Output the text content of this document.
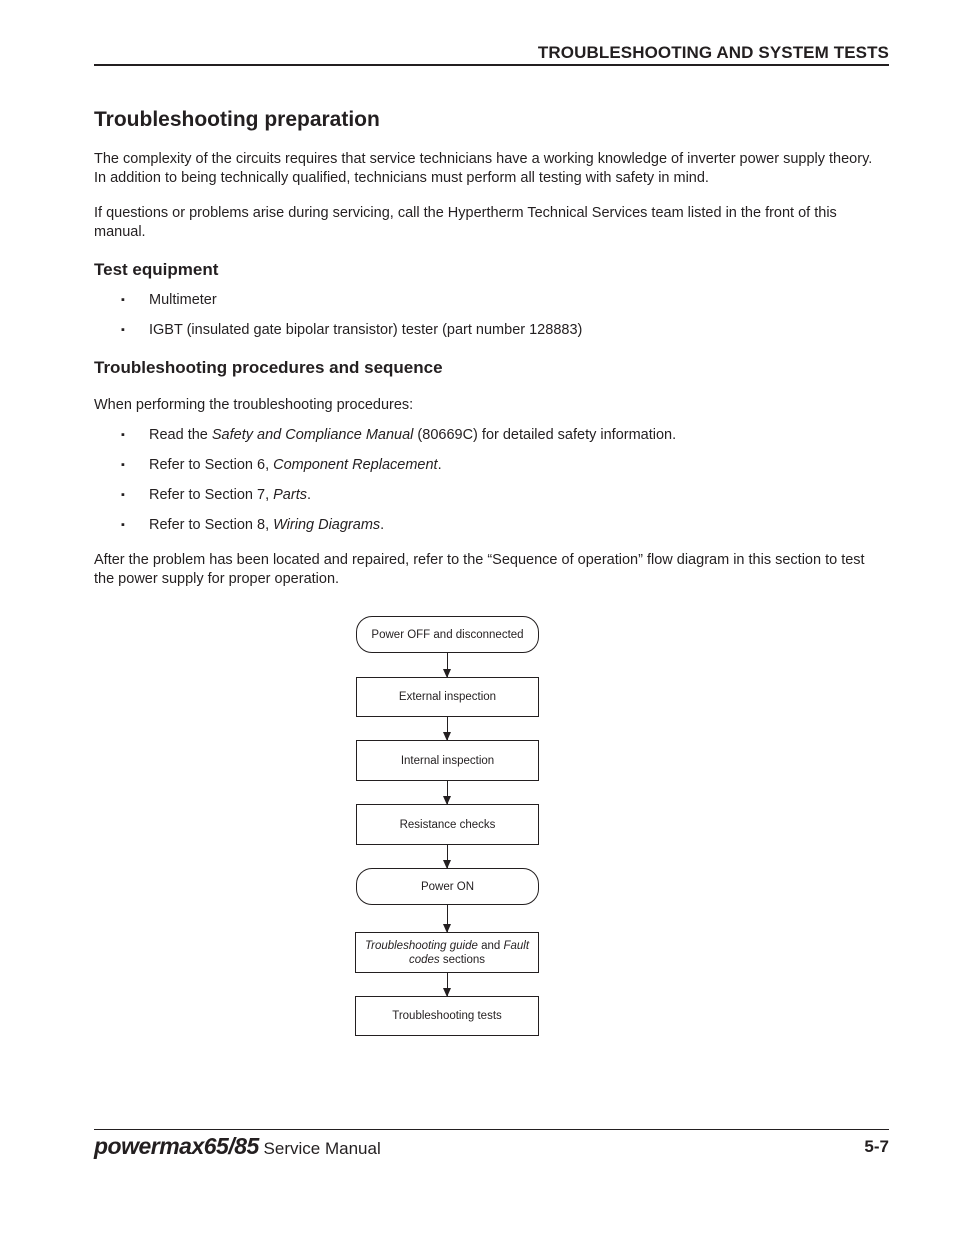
TROUBLESHOOTING AND SYSTEM TESTS
Troubleshooting preparation

The complexity of the circuits requires that service technicians have a working knowledge of inverter power supply theory. In addition to being technically qualified, technicians must perform all testing with safety in mind.

If questions or problems arise during servicing, call the Hypertherm Technical Services team listed in the front of this manual.

Test equipment
▪ Multimeter
▪ IGBT (insulated gate bipolar transistor) tester (part number 128883)
Troubleshooting procedures and sequence

When performing the troubleshooting procedures:

▪ Read the Safety and Compliance Manual (80669C) for detailed safety information.
▪ Refer to Section 6, Component Replacement.
▪ Refer to Section 7, Parts.
▪ Refer to Section 8, Wiring Diagrams.

After the problem has been located and repaired, refer to the “Sequence of operation” flow diagram in this section to test the power supply for proper operation.

Power OFF and disconnected
External inspection
Internal inspection
Resistance checks
Power ON
Troubleshooting guide and Fault codes sections
Troubleshooting tests
powermax65/85 Service Manual	5-7
